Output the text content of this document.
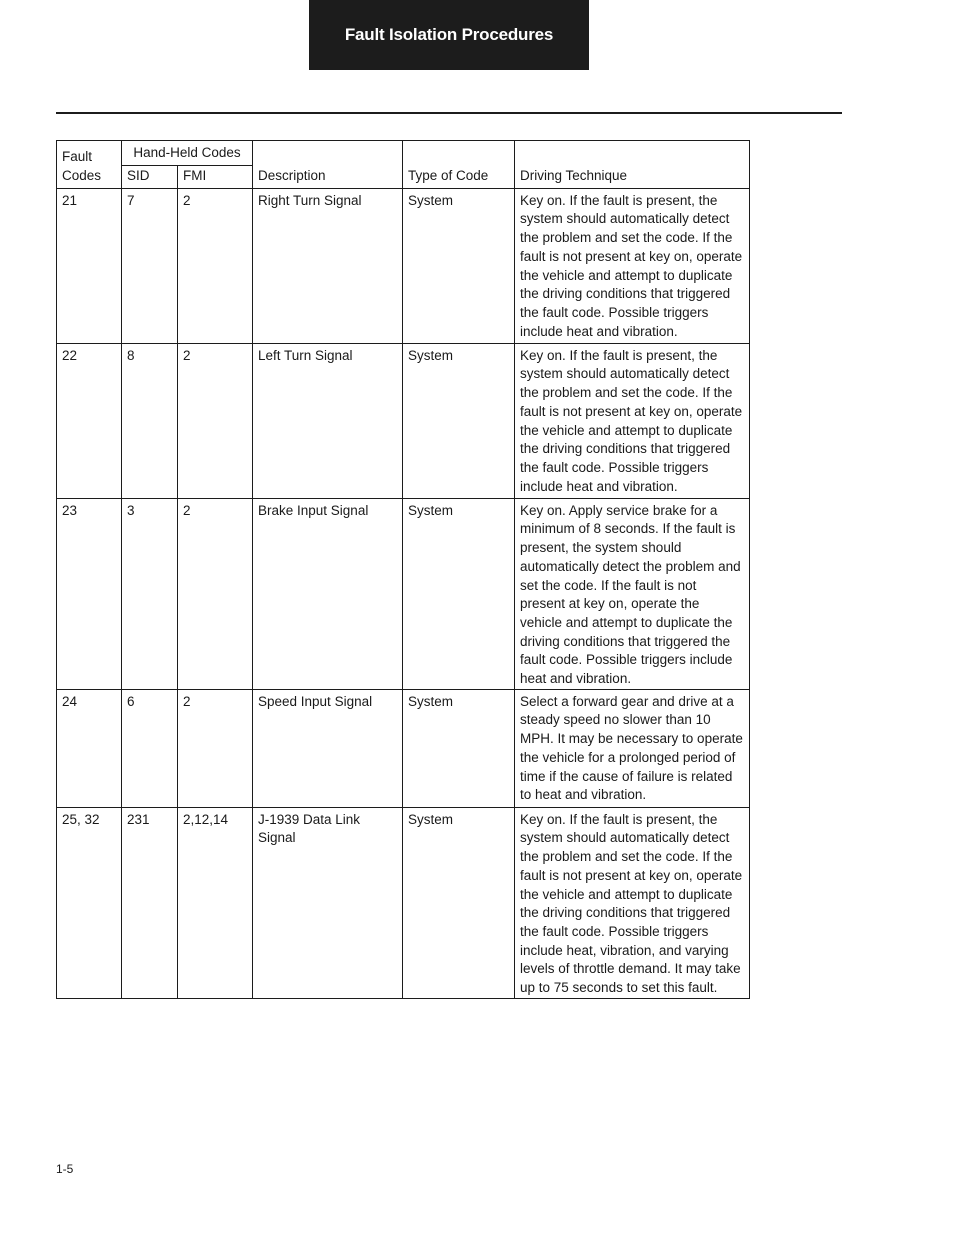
Fault Isolation Procedures
Fault Codes	Hand-Held Codes		Description	Type of Code	Driving Technique
	SID	FMI			
21	7	2	Right Turn Signal	System	Key on. If the fault is present, the system should automatically detect the problem and set the code. If the fault is not present at key on, operate the vehicle and attempt to duplicate the driving conditions that triggered the fault code. Possible triggers include heat and vibration.
22	8	2	Left Turn Signal	System	Key on. If the fault is present, the system should automatically detect the problem and set the code. If the fault is not present at key on, operate the vehicle and attempt to duplicate the driving conditions that triggered the fault code. Possible triggers include heat and vibration.
23	3	2	Brake Input Signal	System	Key on. Apply service brake for a minimum of 8 seconds. If the fault is present, the system should automatically detect the problem and set the code. If the fault is not present at key on, operate the vehicle and attempt to duplicate the driving conditions that triggered the fault code. Possible triggers include heat and vibration.
24	6	2	Speed Input Signal	System	Select a forward gear and drive at a steady speed no slower than 10 MPH. It may be necessary to operate the vehicle for a prolonged period of time if the cause of failure is related to heat and vibration.
25, 32	231	2,12,14	J-1939 Data Link Signal	System	Key on. If the fault is present, the system should automatically detect the problem and set the code. If the fault is not present at key on, operate the vehicle and attempt to duplicate the driving conditions that triggered the fault code. Possible triggers include heat, vibration, and varying levels of throttle demand. It may take up to 75 seconds to set this fault.
1-5
